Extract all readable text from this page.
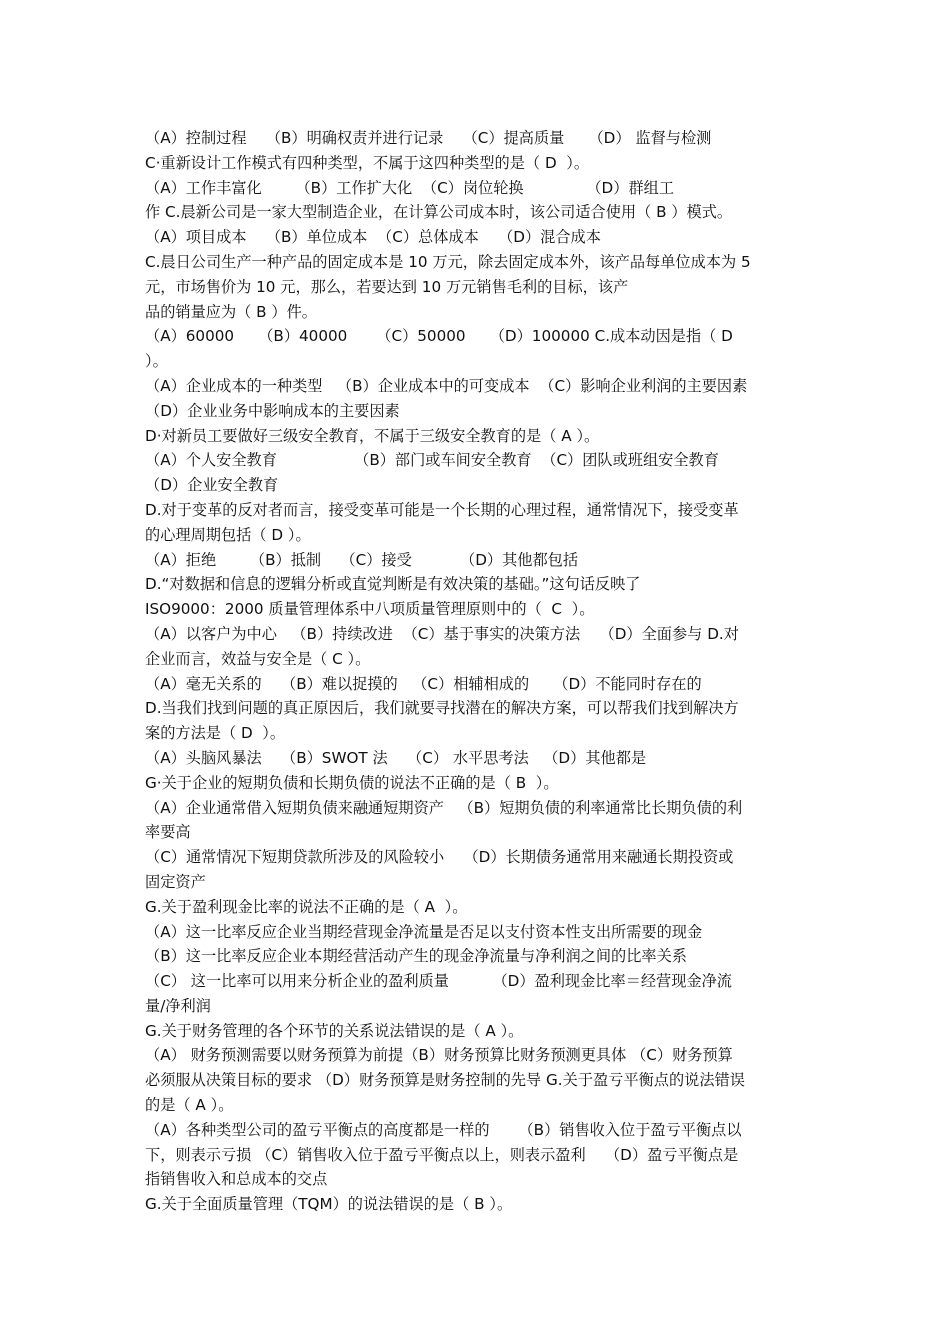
（A）控制过程    （B）明确权责并进行记录    （C）提高质量     （D） 监督与检测
C·重新设计工作模式有四种类型，不属于这四种类型的是（ D  ）。
（A）工作丰富化       （B）工作扩大化  （C）岗位轮换             （D）群组工
作 C.晨新公司是一家大型制造企业，在计算公司成本时，该公司适合使用（ B ）模式。
（A）项目成本    （B）单位成本  （C）总体成本    （D）混合成本
C.晨日公司生产一种产品的固定成本是 10 万元，除去固定成本外，该产品每单位成本为 5
元，市场售价为 10 元，那么，若要达到 10 万元销售毛利的目标，该产
品的销量应为（ B ）件。
（A）60000     （B）40000      （C）50000     （D）100000 C.成本动因是指（ D
）。
（A）企业成本的一种类型   （B）企业成本中的可变成本  （C）影响企业利润的主要因素
（D）企业业务中影响成本的主要因素
D·对新员工要做好三级安全教育，不属于三级安全教育的是（ A ）。
（A）个人安全教育                （B）部门或车间安全教育  （C）团队或班组安全教育
（D）企业安全教育
D.对于变革的反对者而言，接受变革可能是一个长期的心理过程，通常情况下，接受变革
的心理周期包括（ D ）。
（A）拒绝       （B）抵制    （C）接受          （D）其他都包括
D.“对数据和信息的逻辑分析或直觉判断是有效决策的基础。”这句话反映了
ISO9000：2000 质量管理体系中八项质量管理原则中的（  C  ）。
（A）以客户为中心   （B）持续改进  （C）基于事实的决策方法    （D）全面参与 D.对
企业而言，效益与安全是（ C ）。
（A）毫无关系的    （B）难以捉摸的   （C）相辅相成的     （D）不能同时存在的
D.当我们找到问题的真正原因后，我们就要寻找潜在的解决方案，可以帮我们找到解决方
案的方法是（ D  ）。
（A）头脑风暴法    （B）SWOT 法    （C） 水平思考法   （D）其他都是
G·关于企业的短期负债和长期负债的说法不正确的是（ B  ）。
（A）企业通常借入短期负债来融通短期资产   （B）短期负债的利率通常比长期负债的利
率要高
（C）通常情况下短期贷款所涉及的风险较小    （D）长期债务通常用来融通长期投资或
固定资产
G.关于盈利现金比率的说法不正确的是（ A  ）。
（A）这一比率反应企业当期经营现金净流量是否足以支付资本性支出所需要的现金
（B）这一比率反应企业本期经营活动产生的现金净流量与净利润之间的比率关系
（C） 这一比率可以用来分析企业的盈利质量         （D）盈利现金比率＝经营现金净流
量/净利润
G.关于财务管理的各个环节的关系说法错误的是（ A ）。
（A） 财务预测需要以财务预算为前提（B）财务预算比财务预测更具体 （C）财务预算
必须服从决策目标的要求 （D）财务预算是财务控制的先导 G.关于盈亏平衡点的说法错误
的是（ A ）。
（A）各种类型公司的盈亏平衡点的高度都是一样的      （B）销售收入位于盈亏平衡点以
下，则表示亏损 （C）销售收入位于盈亏平衡点以上，则表示盈利    （D）盈亏平衡点是
指销售收入和总成本的交点
G.关于全面质量管理（TQM）的说法错误的是（ B ）。
